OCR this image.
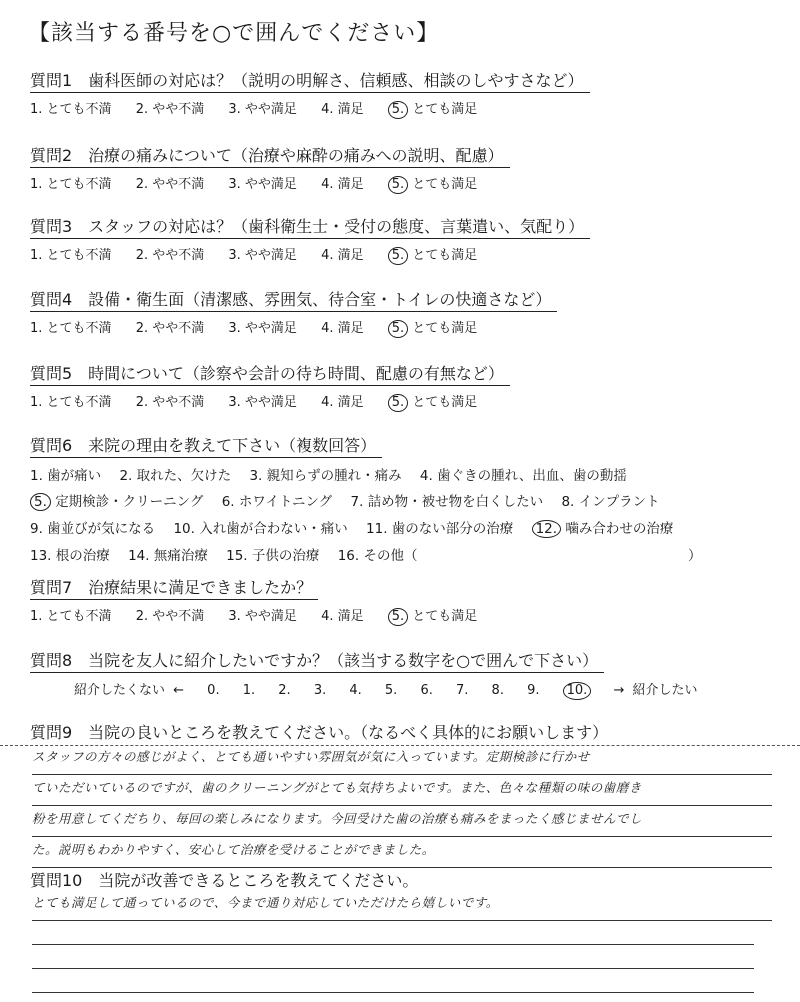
【該当する番号を○で囲んでください】
質問1　歯科医師の対応は？（説明の明解さ、信頼感、相談のしやすさなど）
1. とても不満 2. やや不満 3. やや満足 4. 満足 5. とても満足
質問2　治療の痛みについて（治療や麻酔の痛みへの説明、配慮）
1. とても不満 2. やや不満 3. やや満足 4. 満足 5. とても満足
質問3　スタッフの対応は？（歯科衛生士・受付の態度、言葉遣い、気配り）
1. とても不満 2. やや不満 3. やや満足 4. 満足 5. とても満足
質問4　設備・衛生面（清潔感、雰囲気、待合室・トイレの快適さなど）
1. とても不満 2. やや不満 3. やや満足 4. 満足 5. とても満足
質問5　時間について（診察や会計の待ち時間、配慮の有無など）
1. とても不満 2. やや不満 3. やや満足 4. 満足 5. とても満足
質問6　来院の理由を教えて下さい（複数回答）
1. 歯が痛い 2. 取れた、欠けた 3. 親知らずの腫れ・痛み 4. 歯ぐきの腫れ、出血、歯の動揺
5. 定期検診・クリーニング 6. ホワイトニング 7. 詰め物・被せ物を白くしたい 8. インプラント
9. 歯並びが気になる 10. 入れ歯が合わない・痛い 11. 歯のない部分の治療 12. 噛み合わせの治療
13. 根の治療 14. 無痛治療 15. 子供の治療 16. その他（	）
質問7　治療結果に満足できましたか？
1. とても不満 2. やや不満 3. やや満足 4. 満足 5. とても満足
質問8　当院を友人に紹介したいですか？（該当する数字を○で囲んで下さい）
紹介したくない ← 0. 1. 2. 3. 4. 5. 6. 7. 8. 9. 10. → 紹介したい
質問9　当院の良いところを教えてください。（なるべく具体的にお願いします）
スタッフの方々の感じがよく、とても通いやすい雰囲気が気に入っています。定期検診に行かせ
ていただいているのですが、歯のクリーニングがとても気持ちよいです。また、色々な種類の味の歯磨き
粉を用意してくだちり、毎回の楽しみになります。今回受けた歯の治療も痛みをまったく感じませんでし
た。説明もわかりやすく、安心して治療を受けることができました。
質問10　当院が改善できるところを教えてください。
とても満足して通っているので、今まで通り対応していただけたら嬉しいです。
